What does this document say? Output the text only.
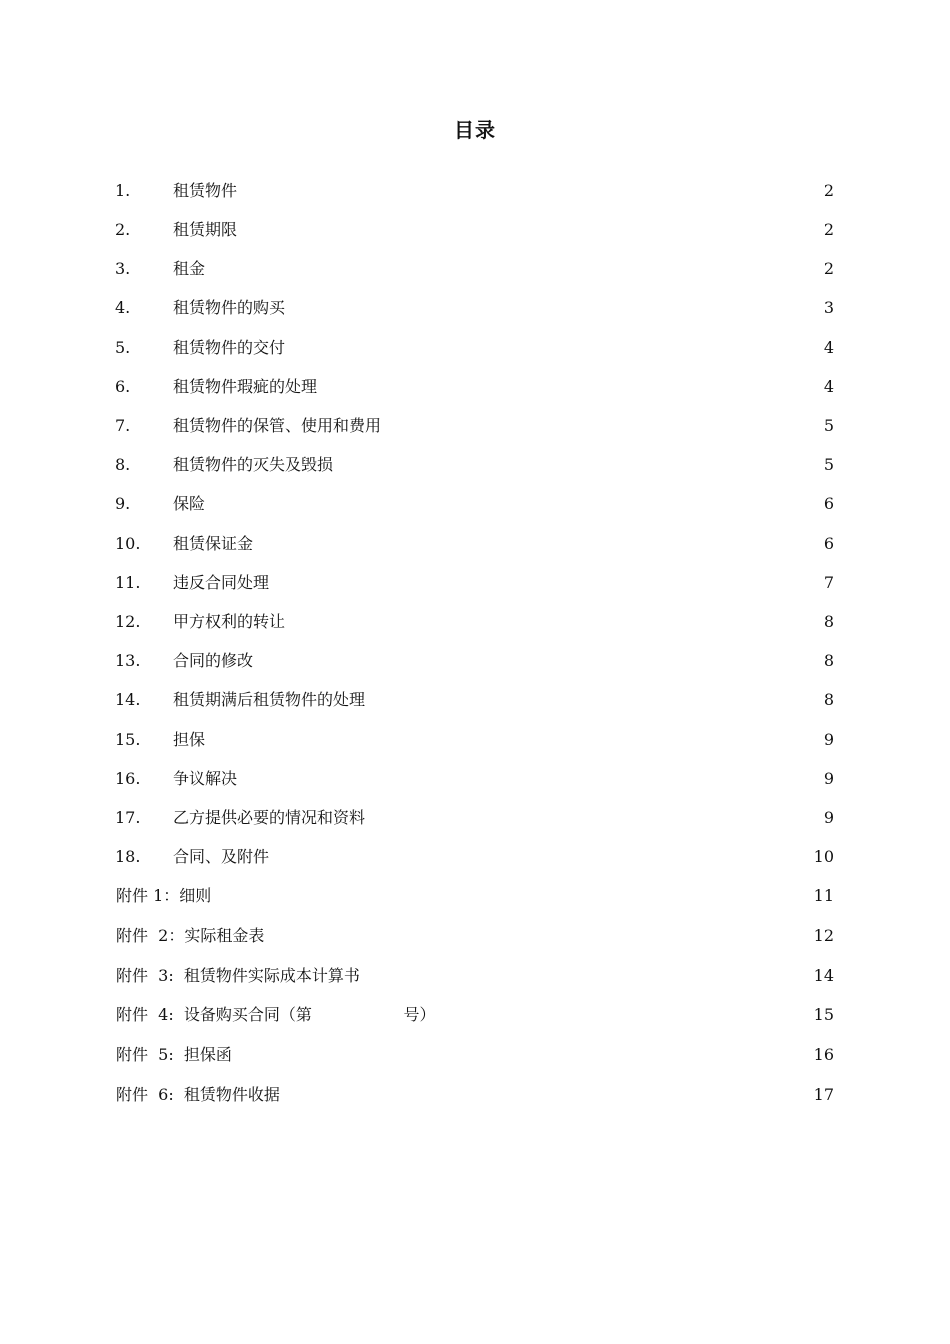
目录
1.	租赁物件	2
2.	租赁期限	2
3.	租金	2
4.	租赁物件的购买	3
5.	租赁物件的交付	4
6.	租赁物件瑕疵的处理	4
7.	租赁物件的保管、使用和费用	5
8.	租赁物件的灭失及毁损	5
9.	保险	6
10. 租赁保证金	6
11. 违反合同处理	7
12. 甲方权利的转让	8
13. 合同的修改	8
14. 租赁期满后租赁物件的处理	8
15. 担保	9
16. 争议解决	9
17. 乙方提供必要的情况和资料	9
18. 合同、及附件	10
附件 1：细则	11
附件  2：实际租金表	12
附件  3:  租赁物件实际成本计算书	14
附件  4:  设备购买合同（第                  号）	15
附件  5:  担保函	16
附件  6:  租赁物件收据	17
